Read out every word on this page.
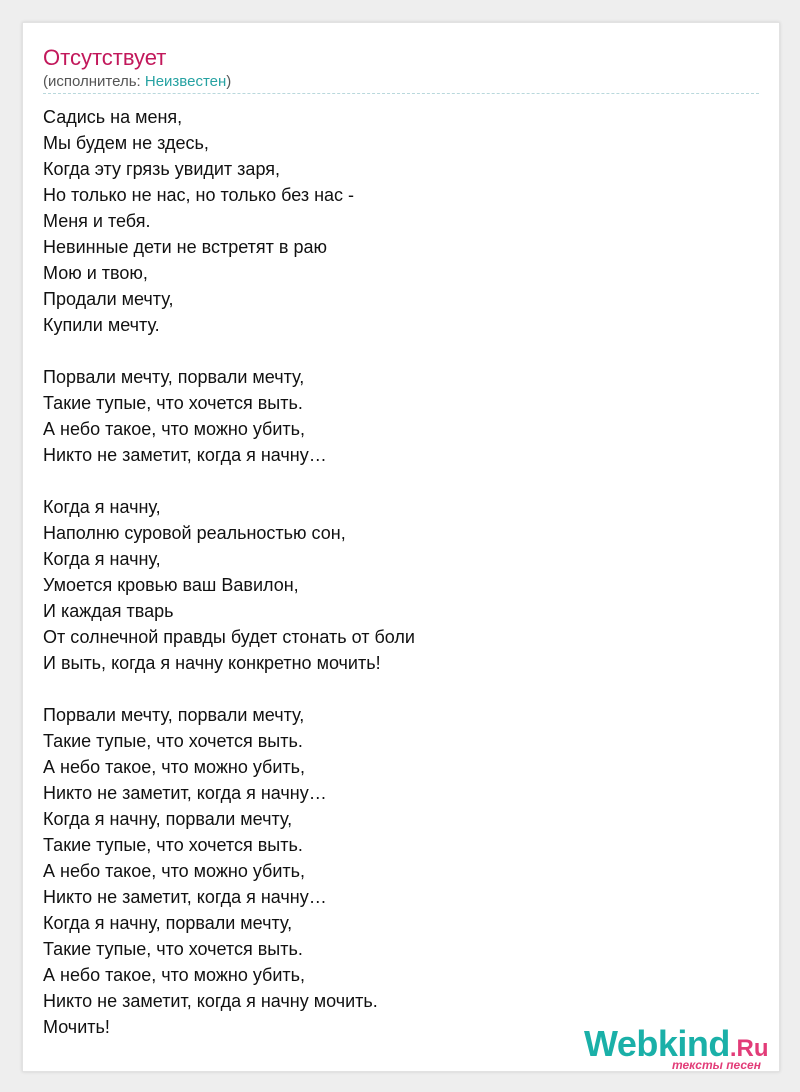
Отсутствует
(исполнитель: Неизвестен)
Садись на меня,
Мы будем не здесь,
Когда эту грязь увидит заря,
Но только не нас, но только без нас -
Меня и тебя.
Невинные дети не встретят в раю
Мою и твою,
Продали мечту,
Купили мечту.

Порвали мечту, порвали мечту,
Такие тупые, что хочется выть.
А небо такое, что можно убить,
Никто не заметит, когда я начну…

Когда я начну,
Наполню суровой реальностью сон,
Когда я начну,
Умоется кровью ваш Вавилон,
И каждая тварь
От солнечной правды будет стонать от боли
И выть, когда я начну конкретно мочить!

Порвали мечту, порвали мечту,
Такие тупые, что хочется выть.
А небо такое, что можно убить,
Никто не заметит, когда я начну…
Когда я начну, порвали мечту,
Такие тупые, что хочется выть.
А небо такое, что можно убить,
Никто не заметит, когда я начну…
Когда я начну, порвали мечту,
Такие тупые, что хочется выть.
А небо такое, что можно убить,
Никто не заметит, когда я начну мочить.
Мочить!	Webkind.Ru
тексты песен
